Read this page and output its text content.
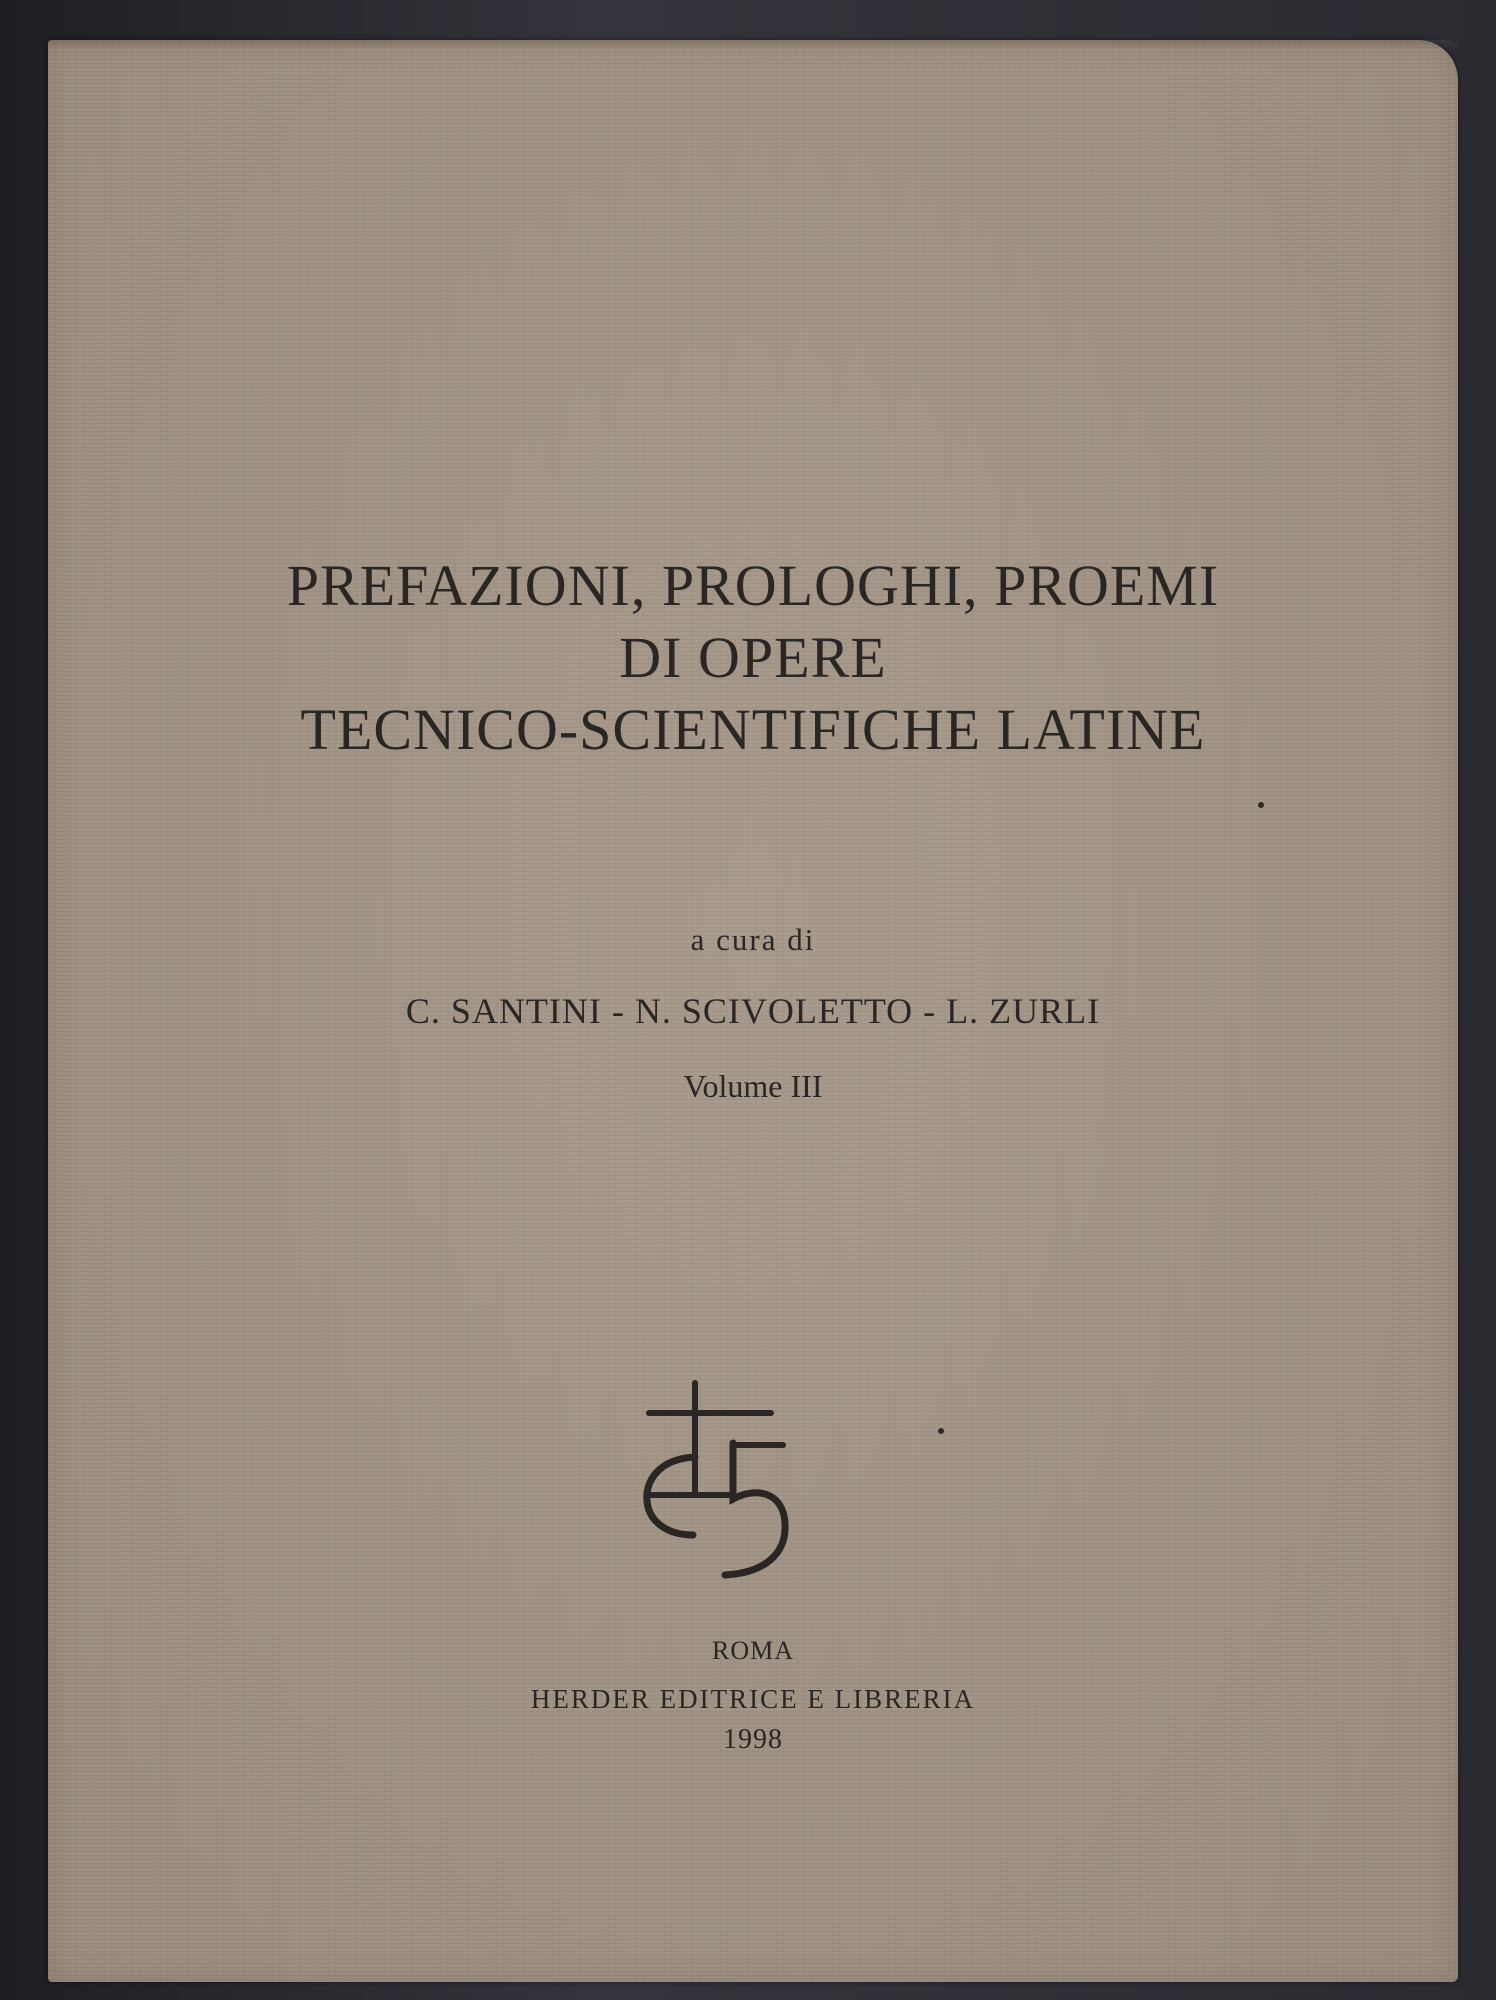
PREFAZIONI, PROLOGHI, PROEMI
DI OPERE
TECNICO-SCIENTIFICHE LATINE
a cura di
C. SANTINI - N. SCIVOLETTO - L. ZURLI
Volume III
ROMA
HERDER EDITRICE E LIBRERIA
1998
